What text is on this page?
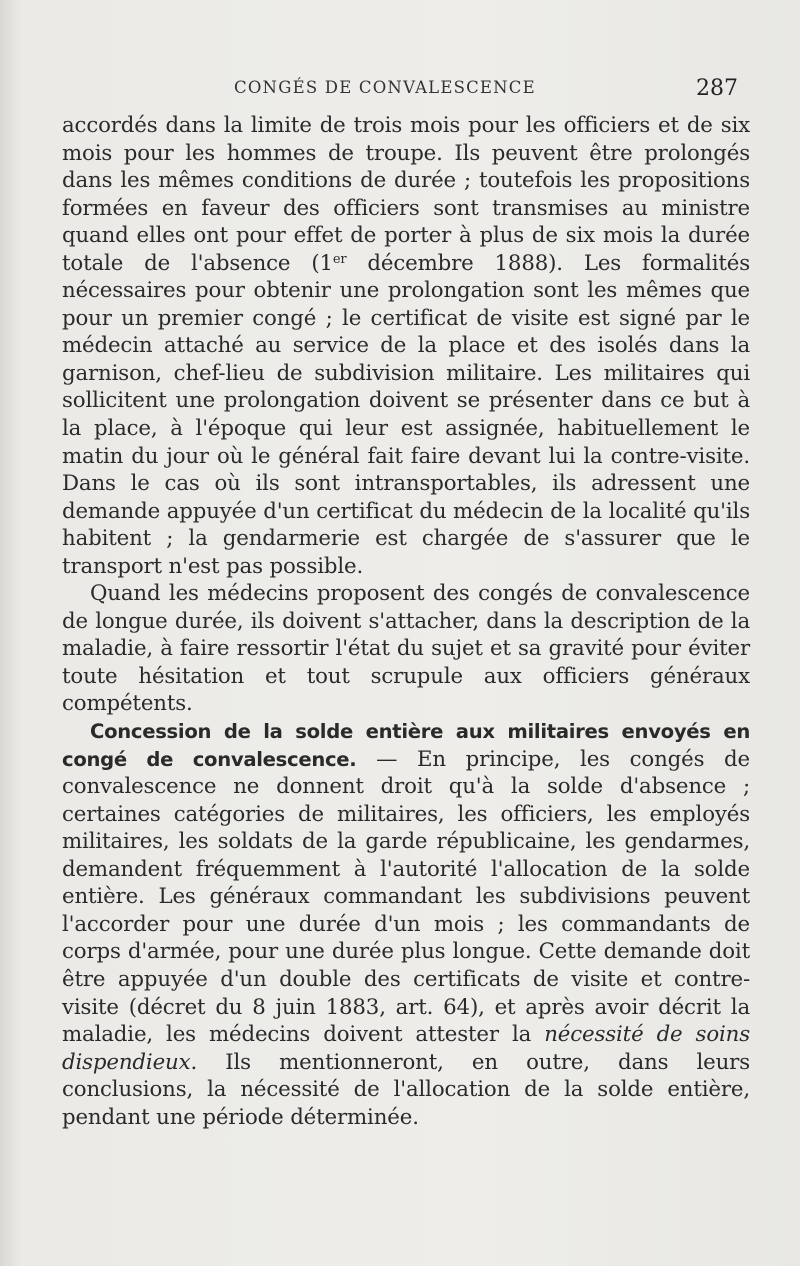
CONGÉS DE CONVALESCENCE	287

accordés dans la limite de trois mois pour les officiers et de six mois pour les hommes de troupe. Ils peuvent être prolongés dans les mêmes conditions de durée ; toutefois les propositions formées en faveur des officiers sont transmises au ministre quand elles ont pour effet de porter à plus de six mois la durée totale de l'absence (1er décembre 1888). Les formalités nécessaires pour obtenir une prolongation sont les mêmes que pour un premier congé ; le certificat de visite est signé par le médecin attaché au service de la place et des isolés dans la garnison, chef-lieu de subdivision militaire. Les militaires qui sollicitent une prolongation doivent se présenter dans ce but à la place, à l'époque qui leur est assignée, habituellement le matin du jour où le général fait faire devant lui la contre-visite. Dans le cas où ils sont intransportables, ils adressent une demande appuyée d'un certificat du médecin de la localité qu'ils habitent ; la gendarmerie est chargée de s'assurer que le transport n'est pas possible.

Quand les médecins proposent des congés de convalescence de longue durée, ils doivent s'attacher, dans la description de la maladie, à faire ressortir l'état du sujet et sa gravité pour éviter toute hésitation et tout scrupule aux officiers généraux compétents.

Concession de la solde entière aux militaires envoyés en congé de convalescence. — En principe, les congés de convalescence ne donnent droit qu'à la solde d'absence ; certaines catégories de militaires, les officiers, les employés militaires, les soldats de la garde républicaine, les gendarmes, demandent fréquemment à l'autorité l'allocation de la solde entière. Les généraux commandant les subdivisions peuvent l'accorder pour une durée d'un mois ; les commandants de corps d'armée, pour une durée plus longue. Cette demande doit être appuyée d'un double des certificats de visite et contre-visite (décret du 8 juin 1883, art. 64), et après avoir décrit la maladie, les médecins doivent attester la nécessité de soins dispendieux. Ils mentionneront, en outre, dans leurs conclusions, la nécessité de l'allocation de la solde entière, pendant une période déterminée.
